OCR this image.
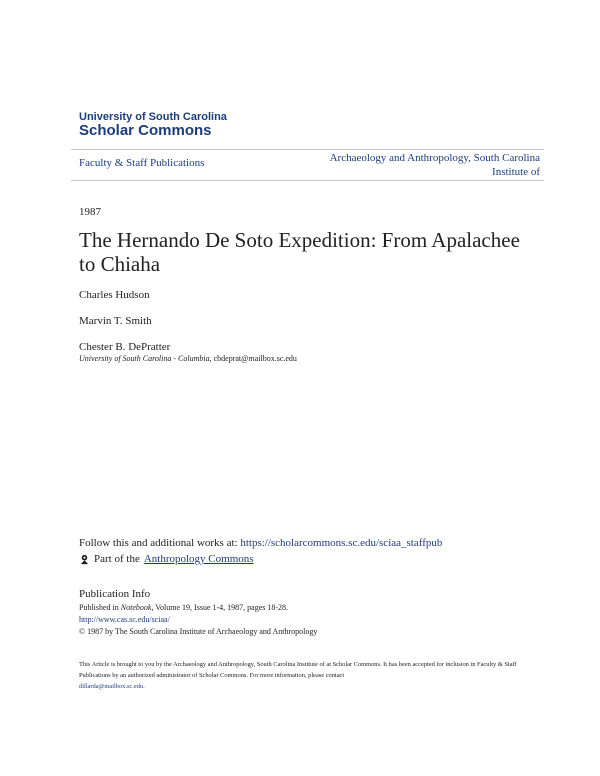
University of South Carolina
Scholar Commons
Faculty & Staff Publications	Archaeology and Anthropology, South Carolina Institute of
1987
The Hernando De Soto Expedition: From Apalachee to Chiaha
Charles Hudson
Marvin T. Smith
Chester B. DePratter
University of South Carolina - Columbia, cbdeprat@mailbox.sc.edu
Follow this and additional works at: https://scholarcommons.sc.edu/sciaa_staffpub
Part of the Anthropology Commons
Publication Info
Published in Notebook, Volume 19, Issue 1-4, 1987, pages 18-28.
http://www.cas.sc.edu/sciaa/
© 1987 by The South Carolina Institute of Archaeology and Anthropology
This Article is brought to you by the Archaeology and Anthropology, South Carolina Institute of at Scholar Commons. It has been accepted for inclusion in Faculty & Staff Publications by an authorized administrator of Scholar Commons. For more information, please contact
dillarda@mailbox.sc.edu.
